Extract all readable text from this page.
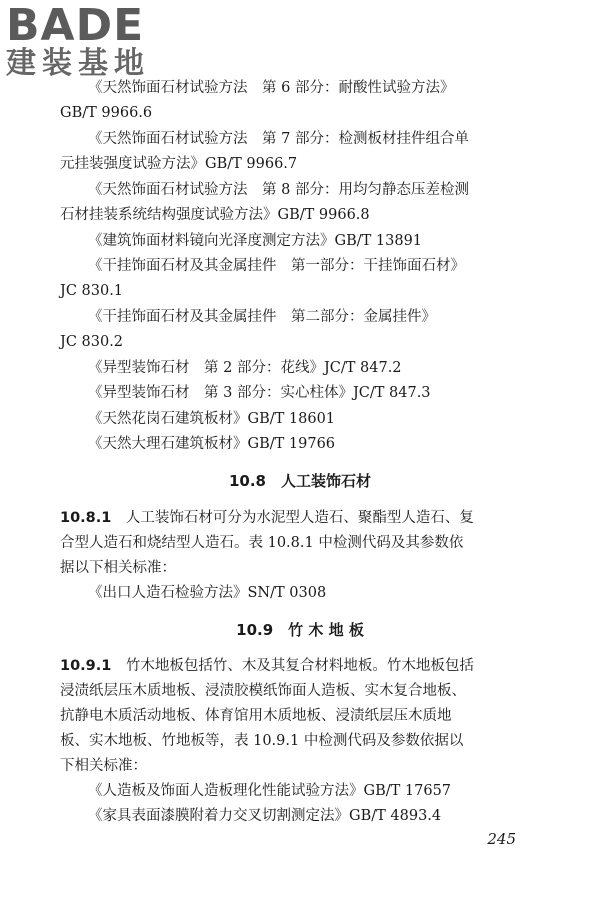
BADE
建装基地
《天然饰面石材试验方法　第 6 部分：耐酸性试验方法》
GB/T 9966.6
《天然饰面石材试验方法　第 7 部分：检测板材挂件组合单
元挂装强度试验方法》GB/T 9966.7
《天然饰面石材试验方法　第 8 部分：用均匀静态压差检测
石材挂装系统结构强度试验方法》GB/T 9966.8
《建筑饰面材料镜向光泽度测定方法》GB/T 13891
《干挂饰面石材及其金属挂件　第一部分：干挂饰面石材》
JC 830.1
《干挂饰面石材及其金属挂件　第二部分：金属挂件》
JC 830.2
《异型装饰石材　第 2 部分：花线》JC/T 847.2
《异型装饰石材　第 3 部分：实心柱体》JC/T 847.3
《天然花岗石建筑板材》GB/T 18601
《天然大理石建筑板材》GB/T 19766
10.8　人工装饰石材
10.8.1　 人工装饰石材可分为水泥型人造石、聚酯型人造石、复
合型人造石和烧结型人造石。表 10.8.1 中检测代码及其参数依
据以下相关标准：
《出口人造石检验方法》SN/T 0308
10.9　竹 木 地 板
10.9.1　 竹木地板包括竹、木及其复合材料地板。竹木地板包括
浸渍纸层压木质地板、浸渍胶模纸饰面人造板、实木复合地板、
抗静电木质活动地板、体育馆用木质地板、浸渍纸层压木质地
板、实木地板、竹地板等，表 10.9.1 中检测代码及参数依据以
下相关标准：
《人造板及饰面人造板理化性能试验方法》GB/T 17657
《家具表面漆膜附着力交叉切割测定法》GB/T 4893.4
245
